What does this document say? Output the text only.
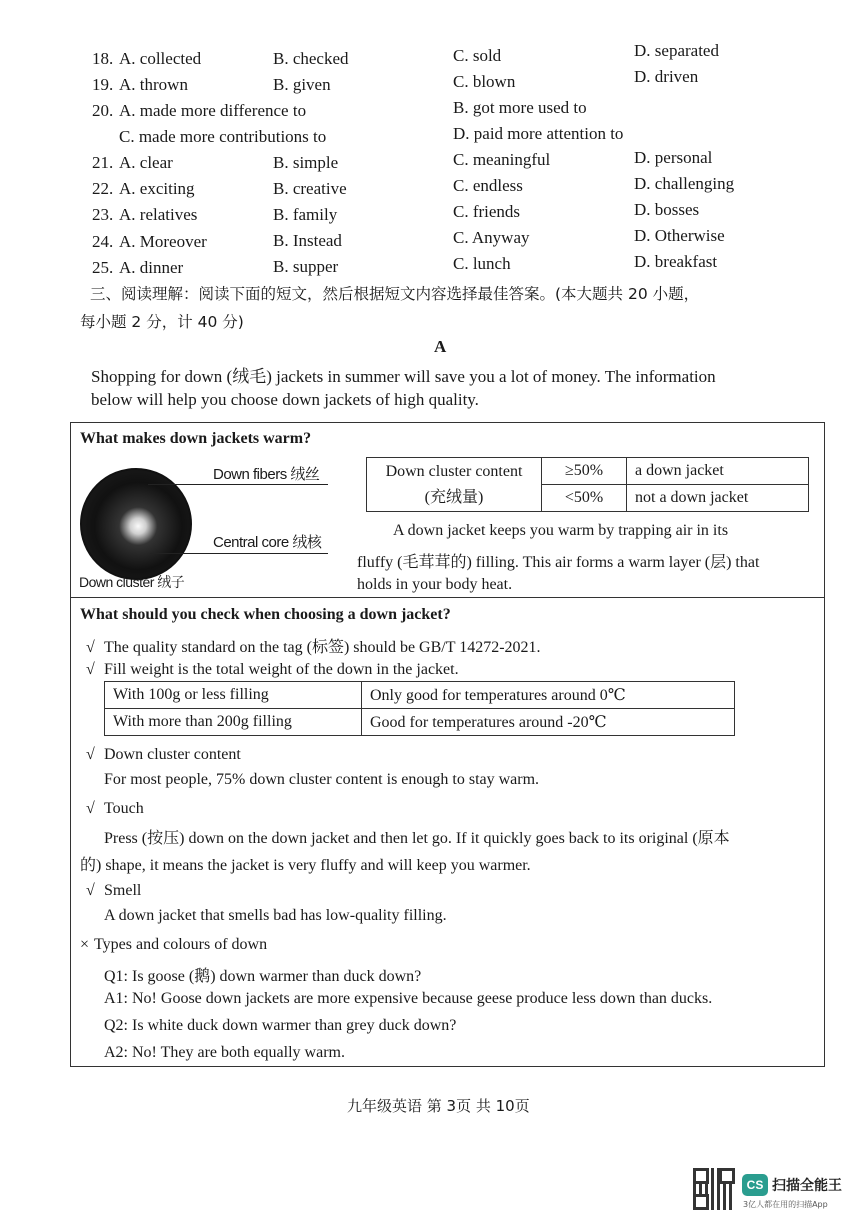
18. A. collected	B. checked	C. sold	D. separated
19. A. thrown	B. given	C. blown	D. driven
20. A. made more difference to	B. got more used to
C. made more contributions to	D. paid more attention to
21. A. clear	B. simple	C. meaningful	D. personal
22. A. exciting	B. creative	C. endless	D. challenging
23. A. relatives	B. family	C. friends	D. bosses
24. A. Moreover	B. Instead	C. Anyway	D. Otherwise
25. A. dinner	B. supper	C. lunch	D. breakfast
三、阅读理解：阅读下面的短文，然后根据短文内容选择最佳答案。(本大题共 20 小题，
每小题 2 分，计 40 分)
A
Shopping for down (绒毛) jackets in summer will save you a lot of money. The information
below will help you choose down jackets of high quality.
What makes down jackets warm?
Down fibers 绒丝
Central core 绒核
Down cluster 绒子
Down cluster content
(充绒量)	≥50%	a down jacket
	<50%	not a down jacket
A down jacket keeps you warm by trapping air in its
fluffy (毛茸茸的) filling. This air forms a warm layer (层) that
holds in your body heat.
What should you check when choosing a down jacket?
√ The quality standard on the tag (标签) should be GB/T 14272-2021.
√ Fill weight is the total weight of the down in the jacket.
With 100g or less filling	Only good for temperatures around 0℃
With more than 200g filling	Good for temperatures around -20℃
√ Down cluster content
For most people, 75% down cluster content is enough to stay warm.
√ Touch
Press (按压) down on the down jacket and then let go. If it quickly goes back to its original (原本
的) shape, it means the jacket is very fluffy and will keep you warmer.
√ Smell
A down jacket that smells bad has low-quality filling.
× Types and colours of down
Q1: Is goose (鹅) down warmer than duck down?
A1: No! Goose down jackets are more expensive because geese produce less down than ducks.
Q2: Is white duck down warmer than grey duck down?
A2: No! They are both equally warm.
九年级英语 第 3页 共 10页
CS 扫描全能王
3亿人都在用的扫描App
